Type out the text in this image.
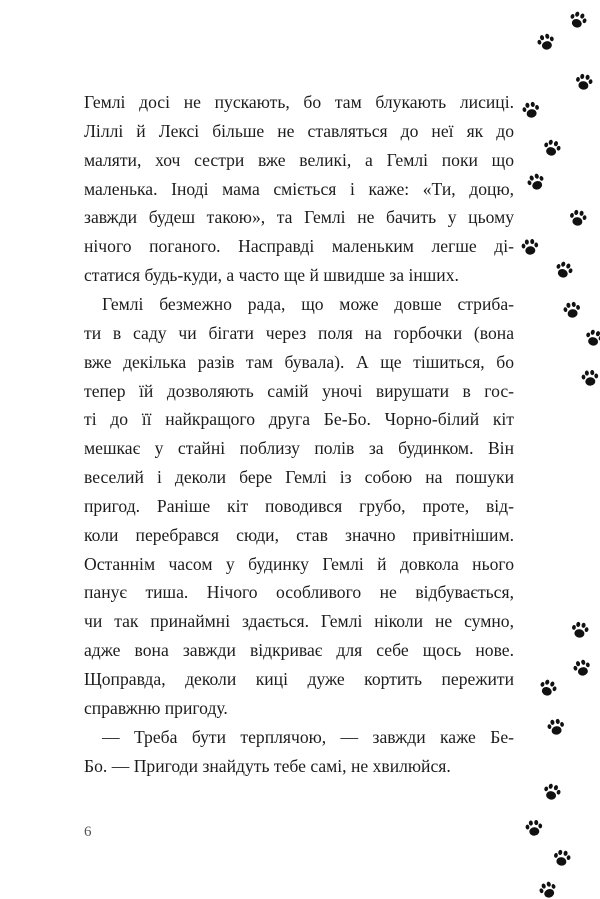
Гемлі досі не пускають, бо там блукають лисиці.
Ліллі й Лексі більше не ставляться до неї як до
маляти, хоч сестри вже великі, а Гемлі поки що
маленька. Іноді мама сміється і каже: «Ти, доцю,
завжди будеш такою», та Гемлі не бачить у цьому
нічого поганого. Насправді маленьким легше ді-
статися будь-куди, а часто ще й швидше за інших.
Гемлі безмежно рада, що може довше стриба-
ти в саду чи бігати через поля на горбочки (вона
вже декілька разів там бувала). А ще тішиться, бо
тепер їй дозволяють самій уночі вирушати в гос-
ті до її найкращого друга Бе-Бо. Чорно-білий кіт
мешкає у стайні поблизу полів за будинком. Він
веселий і деколи бере Гемлі із собою на пошуки
пригод. Раніше кіт поводився грубо, проте, від-
коли перебрався сюди, став значно привітнішим.
Останнім часом у будинку Гемлі й довкола нього
панує тиша. Нічого особливого не відбувається,
чи так принаймні здається. Гемлі ніколи не сумно,
адже вона завжди відкриває для себе щось нове.
Щоправда, деколи киці дуже кортить пережити
справжню пригоду.
— Треба бути терплячою, — завжди каже Бе-
Бо. — Пригоди знайдуть тебе самі, не хвилюйся.
6
